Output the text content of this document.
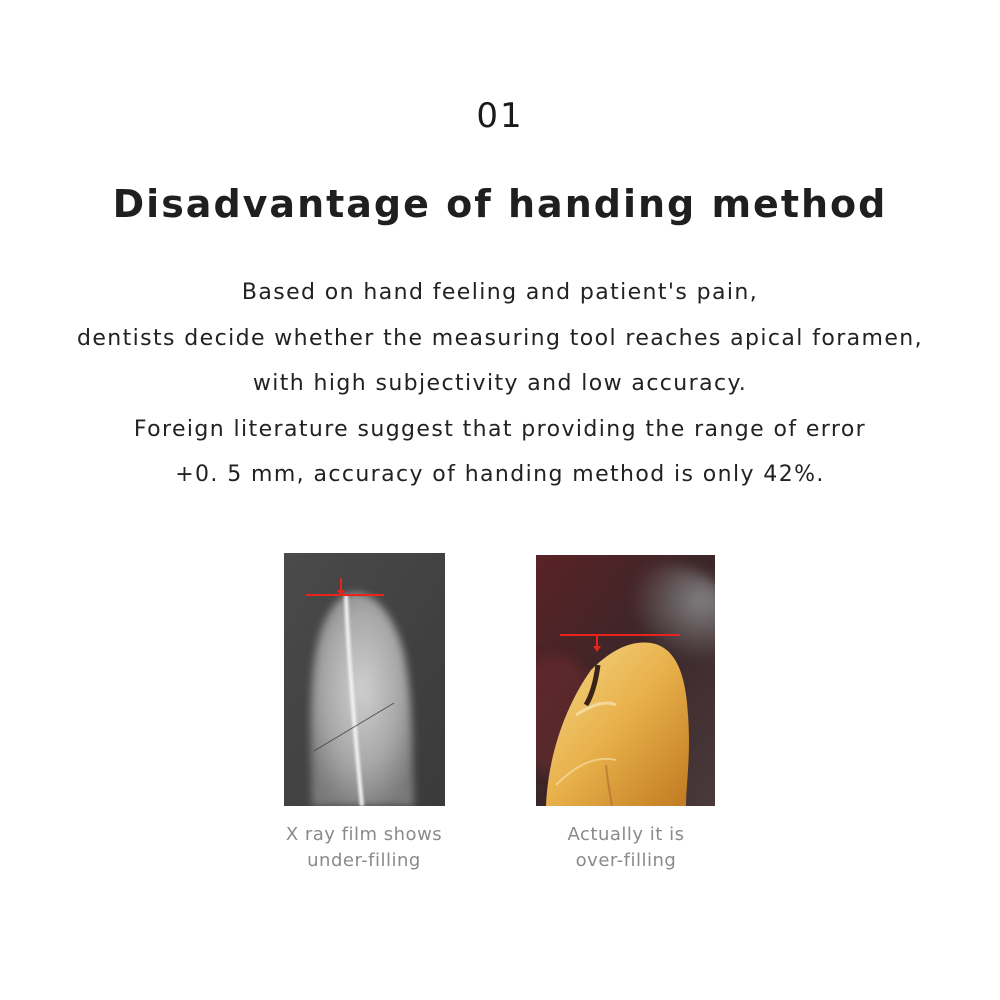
01
Disadvantage of handing method
Based on hand feeling and patient's pain,
dentists decide whether the measuring tool reaches apical foramen,
with high subjectivity and low accuracy.
Foreign literature suggest that providing the range of error
+0. 5 mm, accuracy of handing method is only 42%.
X ray film shows
under-filling
Actually it is
over-filling
